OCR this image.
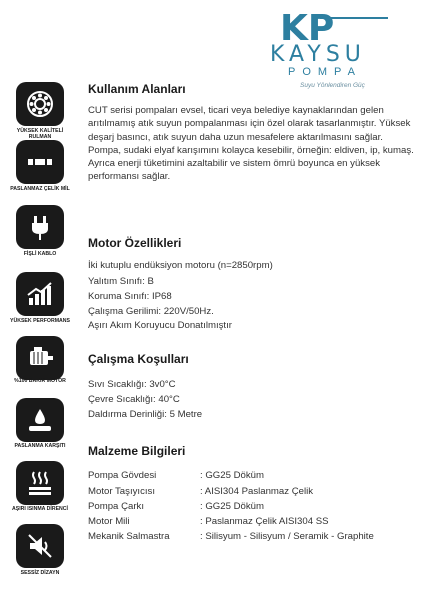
KP
KAYSU
POMPA
Suyu Yönlendiren Güç
YÜKSEK KALİTELİ RULMAN
PASLANMAZ ÇELİK MİL
FİŞLİ KABLO
YÜKSEK PERFORMANS
%100 BAKIR MOTOR
PASLANMA KARŞITI
AŞIRI ISINMA DİRENCİ
SESSİZ DİZAYN
Kullanım Alanları
CUT serisi pompaları evsel, ticari veya belediye kaynaklarından gelen arıtılmamış atık suyun pompalanması için özel olarak tasarlanmıştır. Yüksek deşarj basıncı, atık suyun daha uzun mesafelere aktarılmasını sağlar. Pompa, sudaki elyaf karışımını kolayca kesebilir, örneğin: eldiven, ip, kumaş. Ayrıca enerji tüketimini azaltabilir ve sistem ömrü boyunca en yüksek performansı sağlar.
Motor Özellikleri
İki kutuplu endüksiyon motoru (n=2850rpm)
Yalıtım Sınıfı: B
Koruma Sınıfı: IP68
Çalışma Gerilimi: 220V/50Hz.
Aşırı Akım Koruyucu Donatılmıştır
Çalışma Koşulları
Sıvı Sıcaklığı: 3v0°C
Çevre Sıcaklığı: 40°C
Daldırma Derinliği: 5 Metre
Malzeme Bilgileri
Pompa Gövdesi	: GG25 Döküm
Motor Taşıyıcısı	: AISI304 Paslanmaz Çelik
Pompa Çarkı	: GG25 Döküm
Motor Mili	: Paslanmaz Çelik AISI304 SS
Mekanik Salmastra	: Silisyum - Silisyum / Seramik - Graphite
